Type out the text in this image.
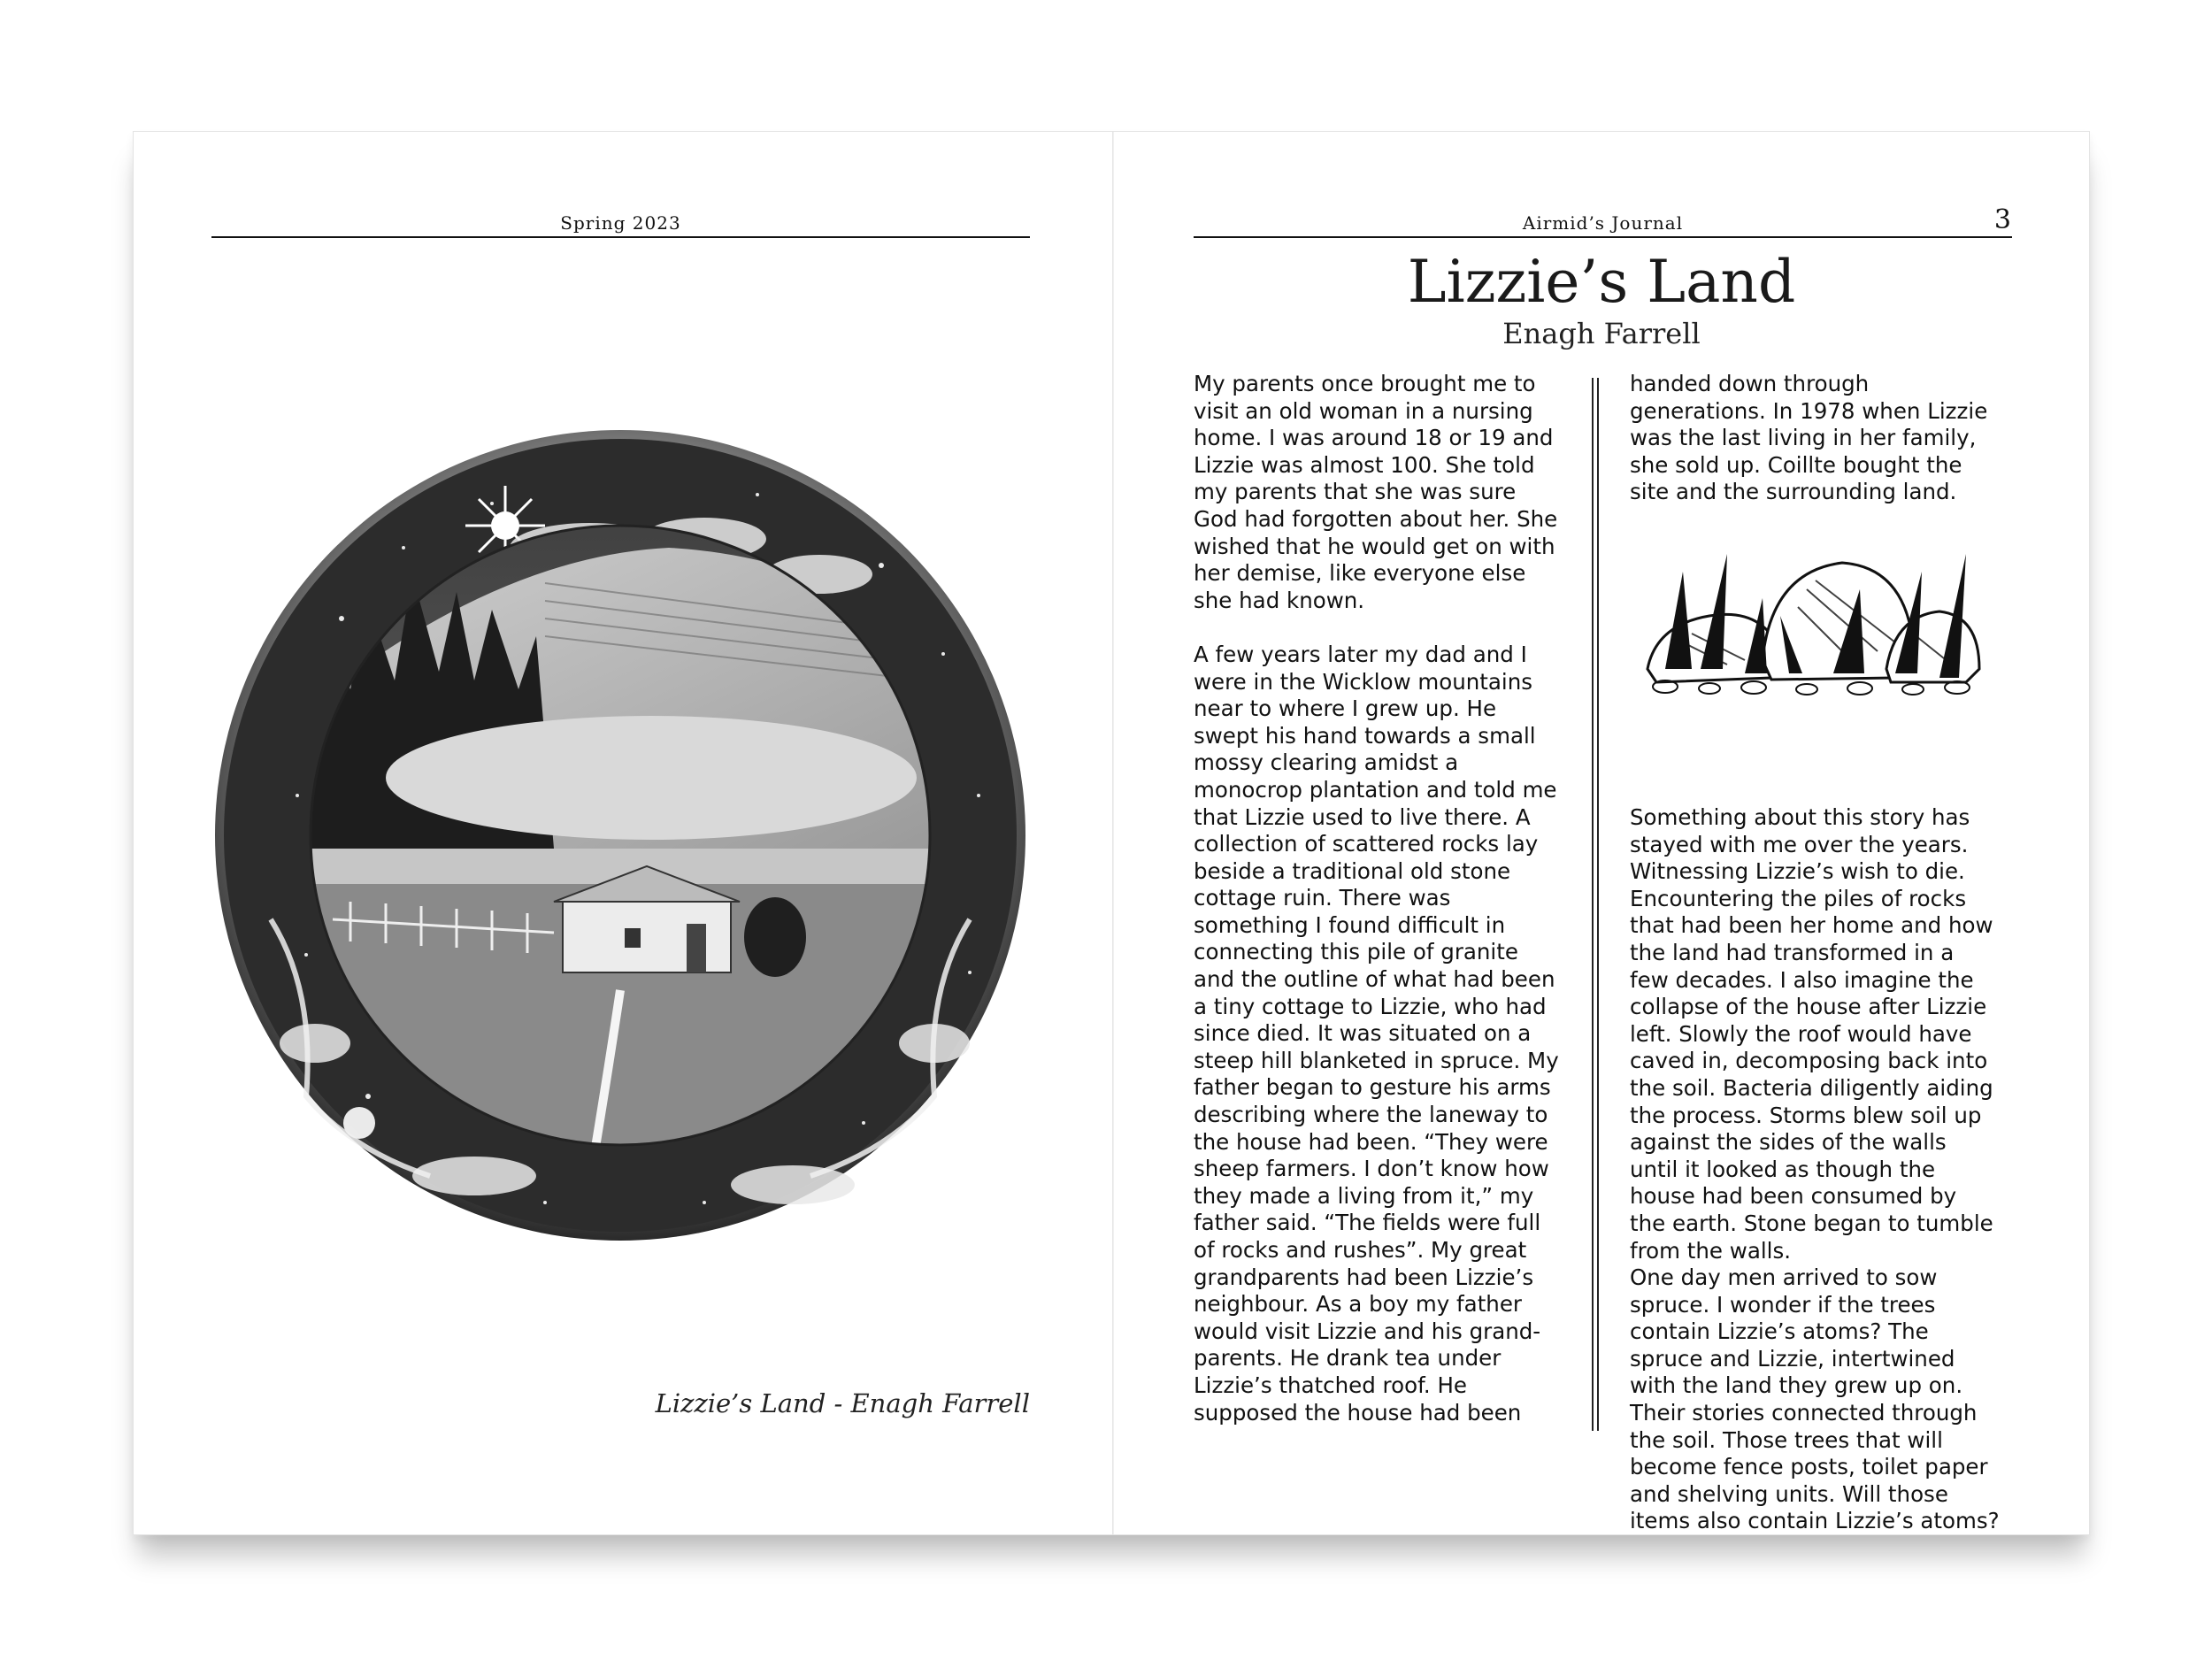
Spring 2023
Lizzie’s Land - Enagh Farrell
Airmid’s Journal	3
Lizzie’s Land
Enagh Farrell

My parents once brought me to
visit an old woman in a nursing
home. I was around 18 or 19 and
Lizzie was almost 100. She told
my parents that she was sure
God had forgotten about her. She
wished that he would get on with
her demise, like everyone else
she had known.

A few years later my dad and I
were in the Wicklow mountains
near to where I grew up. He
swept his hand towards a small
mossy clearing amidst a
monocrop plantation and told me
that Lizzie used to live there. A
collection of scattered rocks lay
beside a traditional old stone
cottage ruin. There was
something I found difficult in
connecting this pile of granite
and the outline of what had been
a tiny cottage to Lizzie, who had
since died. It was situated on a
steep hill blanketed in spruce. My
father began to gesture his arms
describing where the laneway to
the house had been. “They were
sheep farmers. I don’t know how
they made a living from it,” my
father said. “The fields were full
of rocks and rushes”. My great
grandparents had been Lizzie’s
neighbour. As a boy my father
would visit Lizzie and his grand-
parents. He drank tea under
Lizzie’s thatched roof. He
supposed the house had been

handed down through
generations. In 1978 when Lizzie
was the last living in her family,
she sold up. Coillte bought the
site and the surrounding land.

Something about this story has
stayed with me over the years.
Witnessing Lizzie’s wish to die.
Encountering the piles of rocks
that had been her home and how
the land had transformed in a
few decades. I also imagine the
collapse of the house after Lizzie
left. Slowly the roof would have
caved in, decomposing back into
the soil. Bacteria diligently aiding
the process. Storms blew soil up
against the sides of the walls
until it looked as though the
house had been consumed by
the earth. Stone began to tumble
from the walls.

One day men arrived to sow
spruce. I wonder if the trees
contain Lizzie’s atoms? The
spruce and Lizzie, intertwined
with the land they grew up on.
Their stories connected through
the soil. Those trees that will
become fence posts, toilet paper
and shelving units. Will those
items also contain Lizzie’s atoms?
